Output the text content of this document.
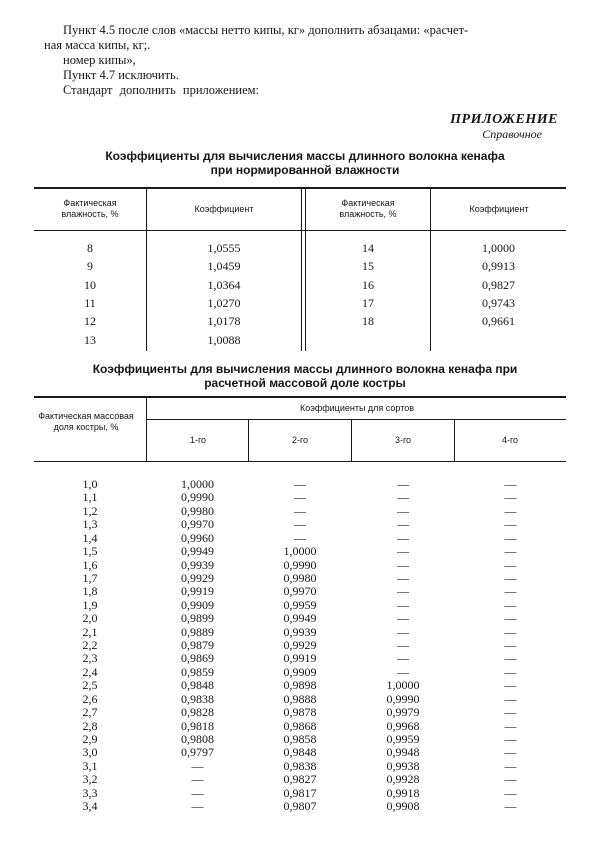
Пункт 4.5 после слов «массы нетто кипы, кг» дополнить абзацами: «расчет-
ная масса кипы, кг;.
номер кипы»,
Пункт 4.7 исключить.
Стандарт дополнить приложением:
ПРИЛОЖЕНИЕ
Справочное
Коэффициенты для вычисления массы длинного волокна кенафа
при нормированной влажности
Фактическая влажность, %	Коэффициент
Фактическая влажность, %	Коэффициент
8	1,0555	14	1,0000
9	1,0459	15	0,9913
10	1,0364	16	0,9827
11	1,0270	17	0,9743
12	1,0178	18	0,9661
13	1,0088
Коэффициенты для вычисления массы длинного волокна кенафа при
расчетной массовой доле костры
Фактическая массовая доля костры, %
Коэффициенты для сортов
1-го	2-го	3-го	4-го
1,0	1,0000	—	—	—
1,1	0,9990	—	—	—
1,2	0,9980	—	—	—
1,3	0,9970	—	—	—
1,4	0,9960	—	—	—
1,5	0,9949	1,0000	—	—
1,6	0,9939	0,9990	—	—
1,7	0,9929	0,9980	—	—
1,8	0,9919	0,9970	—	—
1,9	0,9909	0,9959	—	—
2,0	0,9899	0,9949	—	—
2,1	0,9889	0,9939	—	—
2,2	0,9879	0,9929	—	—
2,3	0,9869	0,9919	—	—
2,4	0,9859	0,9909	—	—
2,5	0,9848	0,9898	1,0000	—
2,6	0,9838	0,9888	0,9990	—
2,7	0,9828	0,9878	0,9979	—
2,8	0,9818	0,9868	0,9968	—
2,9	0,9808	0,9858	0,9959	—
3,0	0,9797	0,9848	0,9948	—
3,1	—	0,9838	0,9938	—
3,2	—	0,9827	0,9928	—
3,3	—	0,9817	0,9918	—
3,4	—	0,9807	0,9908	—
